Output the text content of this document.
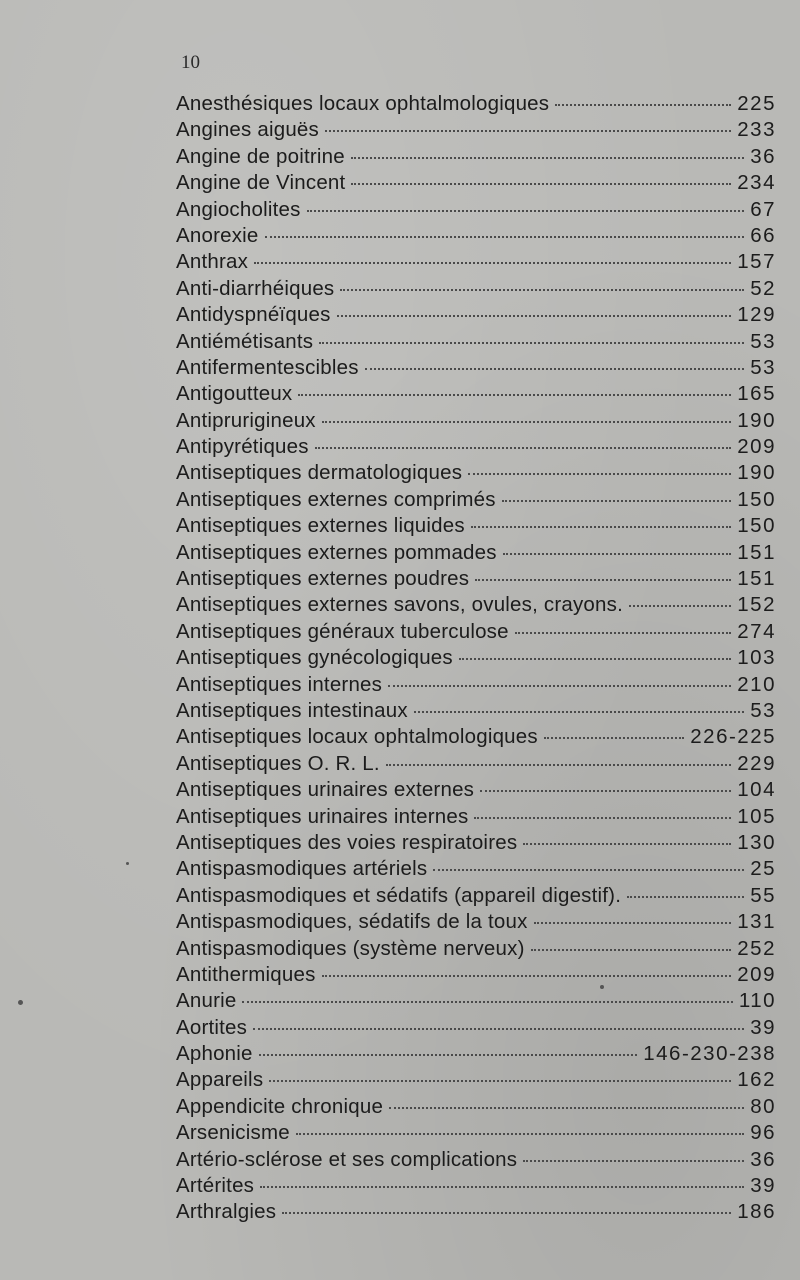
10
Anesthésiques locaux ophtalmologiques	225
Angines aiguës	233
Angine de poitrine	36
Angine de Vincent	234
Angiocholites	67
Anorexie	66
Anthrax	157
Anti-diarrhéiques	52
Antidyspnéïques	129
Antiémétisants	53
Antifermentescibles	53
Antigoutteux	165
Antiprurigineux	190
Antipyrétiques	209
Antiseptiques dermatologiques	190
Antiseptiques externes comprimés	150
Antiseptiques externes liquides	150
Antiseptiques externes pommades	151
Antiseptiques externes poudres	151
Antiseptiques externes savons, ovules, crayons.	152
Antiseptiques généraux tuberculose	274
Antiseptiques gynécologiques	103
Antiseptiques internes	210
Antiseptiques intestinaux	53
Antiseptiques locaux ophtalmologiques	226-225
Antiseptiques O. R. L.	229
Antiseptiques urinaires externes	104
Antiseptiques urinaires internes	105
Antiseptiques des voies respiratoires	130
Antispasmodiques artériels	25
Antispasmodiques et sédatifs (appareil digestif).	55
Antispasmodiques, sédatifs de la toux	131
Antispasmodiques (système nerveux)	252
Antithermiques	209
Anurie	110
Aortites	39
Aphonie	146-230-238
Appareils	162
Appendicite chronique	80
Arsenicisme	96
Artério-sclérose et ses complications	36
Artérites	39
Arthralgies	186
